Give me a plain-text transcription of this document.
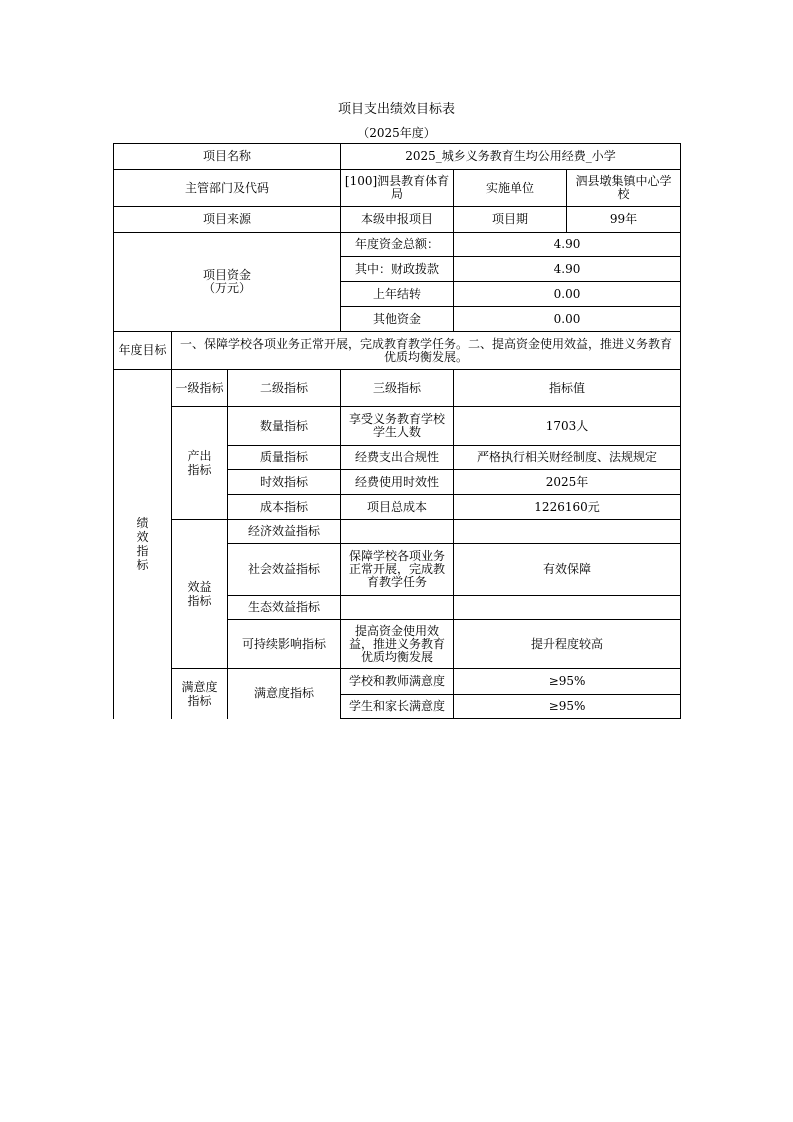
项目支出绩效目标表
（2025年度）
项目名称			2025_城乡义务教育生均公用经费_小学		
主管部门及代码			[100]泗县教育体育局	实施单位	泗县墩集镇中心学校
项目来源			本级申报项目	项目期	99年

项目资金
（万元）			年度资金总额：	4.90	
			其中：财政拨款	4.90	
			上年结转	0.00	
			其他资金	0.00	
年度目标	一、保障学校各项业务正常开展，完成教育教学任务。二、提高资金使用效益，推进义务教育优质均衡发展。				
绩效指标	一级指标	二级指标	三级指标	指标值	
	产出指标	数量指标	享受义务教育学校学生人数	1703人	
		质量指标	经费支出合规性	严格执行相关财经制度、法规规定	
		时效指标	经费使用时效性	2025年	
		成本指标	项目总成本	1226160元	
	效益指标	经济效益指标			
		社会效益指标	保障学校各项业务正常开展，完成教育教学任务	有效保障	
		生态效益指标			
		可持续影响指标	提高资金使用效益，推进义务教育优质均衡发展	提升程度较高	
	满意度指标	满意度指标	学校和教师满意度	≥95%	
			学生和家长满意度	≥95%	
